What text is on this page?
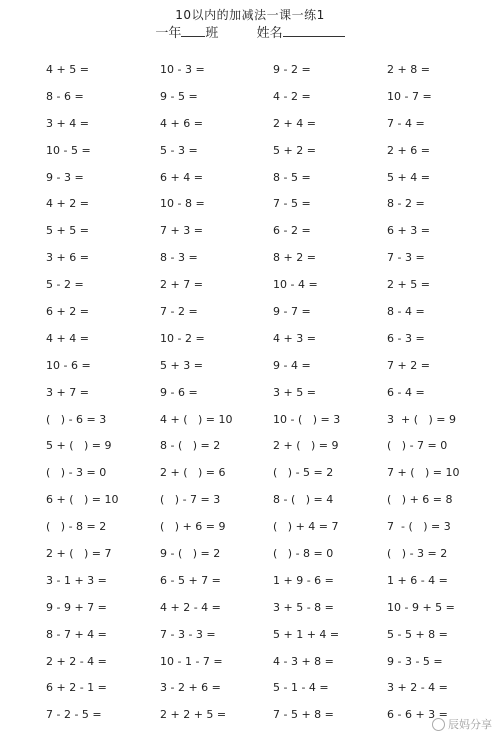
10以内的加减法一课一练1
一年 班	姓名
4 + 5 =	10 - 3 =	9 - 2 =	2 + 8 =
8 - 6 =	9 - 5 =	4 - 2 =	10 - 7 =
3 + 4 =	4 + 6 =	2 + 4 =	7 - 4 =
10 - 5 =	5 - 3 =	5 + 2 =	2 + 6 =
9 - 3 =	6 + 4 =	8 - 5 =	5 + 4 =
4 + 2 =	10 - 8 =	7 - 5 =	8 - 2 =
5 + 5 =	7 + 3 =	6 - 2 =	6 + 3 =
3 + 6 =	8 - 3 =	8 + 2 =	7 - 3 =
5 - 2 =	2 + 7 =	10 - 4 =	2 + 5 =
6 + 2 =	7 - 2 =	9 - 7 =	8 - 4 =
4 + 4 =	10 - 2 =	4 + 3 =	6 - 3 =
10 - 6 =	5 + 3 =	9 - 4 =	7 + 2 =
3 + 7 =	9 - 6 =	3 + 5 =	6 - 4 =
(   ) - 6 = 3	4 + (   ) = 10	10 - (   ) = 3	3  + (   ) = 9
5 + (   ) = 9	8 - (   ) = 2	2 + (   ) = 9	(   ) - 7 = 0
(   ) - 3 = 0	2 + (   ) = 6	(   ) - 5 = 2	7 + (   ) = 10
6 + (   ) = 10	(   ) - 7 = 3	8 - (   ) = 4	(   ) + 6 = 8
(   ) - 8 = 2	(   ) + 6 = 9	(   ) + 4 = 7	7  - (   ) = 3
2 + (   ) = 7	9 - (   ) = 2	(   ) - 8 = 0	(   ) - 3 = 2
3 - 1 + 3 =	6 - 5 + 7 =	1 + 9 - 6 =	1 + 6 - 4 =
9 - 9 + 7 =	4 + 2 - 4 =	3 + 5 - 8 =	10 - 9 + 5 =
8 - 7 + 4 =	7 - 3 - 3 =	5 + 1 + 4 =	5 - 5 + 8 =
2 + 2 - 4 =	10 - 1 - 7 =	4 - 3 + 8 =	9 - 3 - 5 =
6 + 2 - 1 =	3 - 2 + 6 =	5 - 1 - 4 =	3 + 2 - 4 =
7 - 2 - 5 =	2 + 2 + 5 =	7 - 5 + 8 =	6 - 6 + 3 =
辰妈分享
